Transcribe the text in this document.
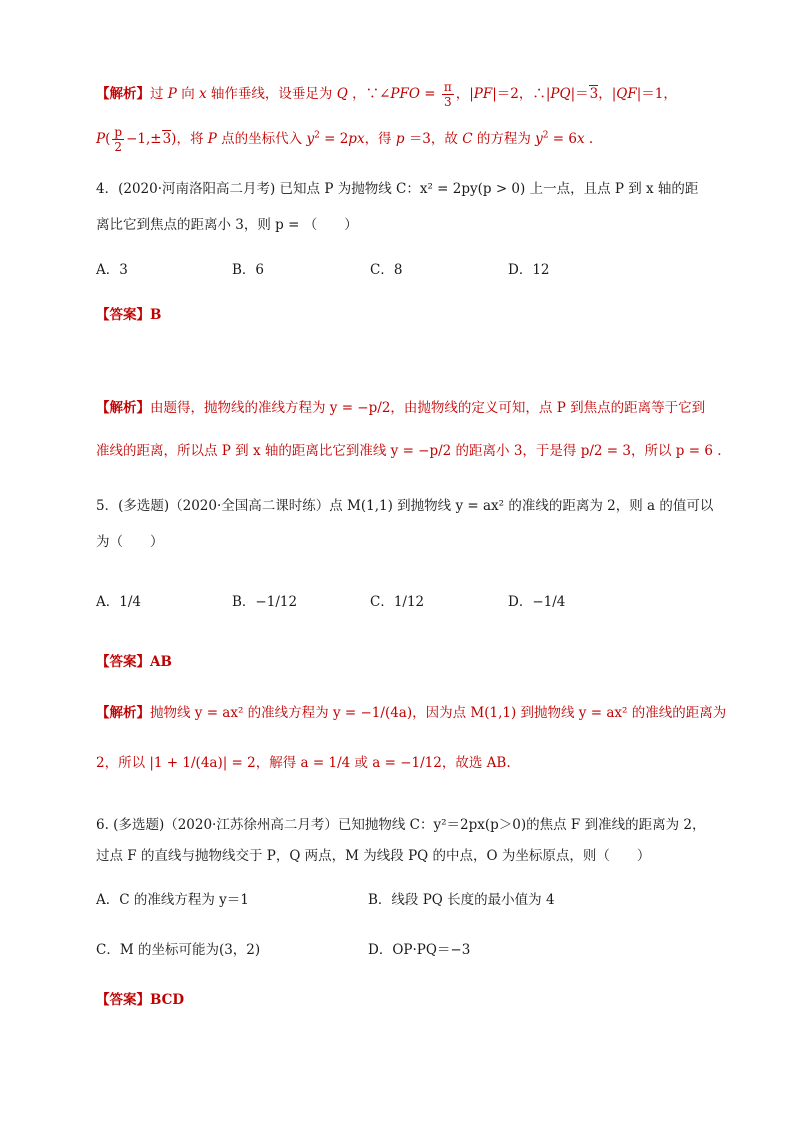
【解析】过 P 向 x 轴作垂线，设垂足为 Q ，∵∠PFO = $\frac{\pi}{3}$ ，|PF|＝2，∴|PQ|＝3，|QF|＝1，
$P( \frac{p}{2} -1,\pm 3)$，将 P 点的坐标代入 $y^2 = 2px$，得 p ＝3，故 C 的方程为 $y^2 = 6x$ .
4．(2020·河南洛阳高二月考) 已知点 P 为抛物线 C：x² = 2py(p > 0) 上一点，且点 P 到 x 轴的距
离比它到焦点的距离小 3，则 p = （　　）
A．3	B．6	C．8	D．12
【答案】B
【解析】由题得，抛物线的准线方程为 y = −p/2，由抛物线的定义可知，点 P 到焦点的距离等于它到
准线的距离，所以点 P 到 x 轴的距离比它到准线 y = −p/2 的距离小 3，于是得 p/2 = 3，所以 p = 6 .
5．(多选题)（2020·全国高二课时练）点 M(1,1) 到抛物线 y = ax² 的准线的距离为 2，则 a 的值可以
为（　　）
A．1/4	B．−1/12	C．1/12	D．−1/4
【答案】AB
【解析】抛物线 y = ax² 的准线方程为 y = −1/(4a)，因为点 M(1,1) 到抛物线 y = ax² 的准线的距离为
2，所以 |1 + 1/(4a)| = 2，解得 a = 1/4 或 a = −1/12，故选 AB.
6. (多选题)（2020·江苏徐州高二月考）已知抛物线 C：y²＝2px(p＞0)的焦点 F 到准线的距离为 2，
过点 F 的直线与抛物线交于 P，Q 两点，M 为线段 PQ 的中点，O 为坐标原点，则（　　）
A．C 的准线方程为 y＝1	B．线段 PQ 长度的最小值为 4
C．M 的坐标可能为(3，2)	D．OP·PQ＝−3
【答案】BCD
